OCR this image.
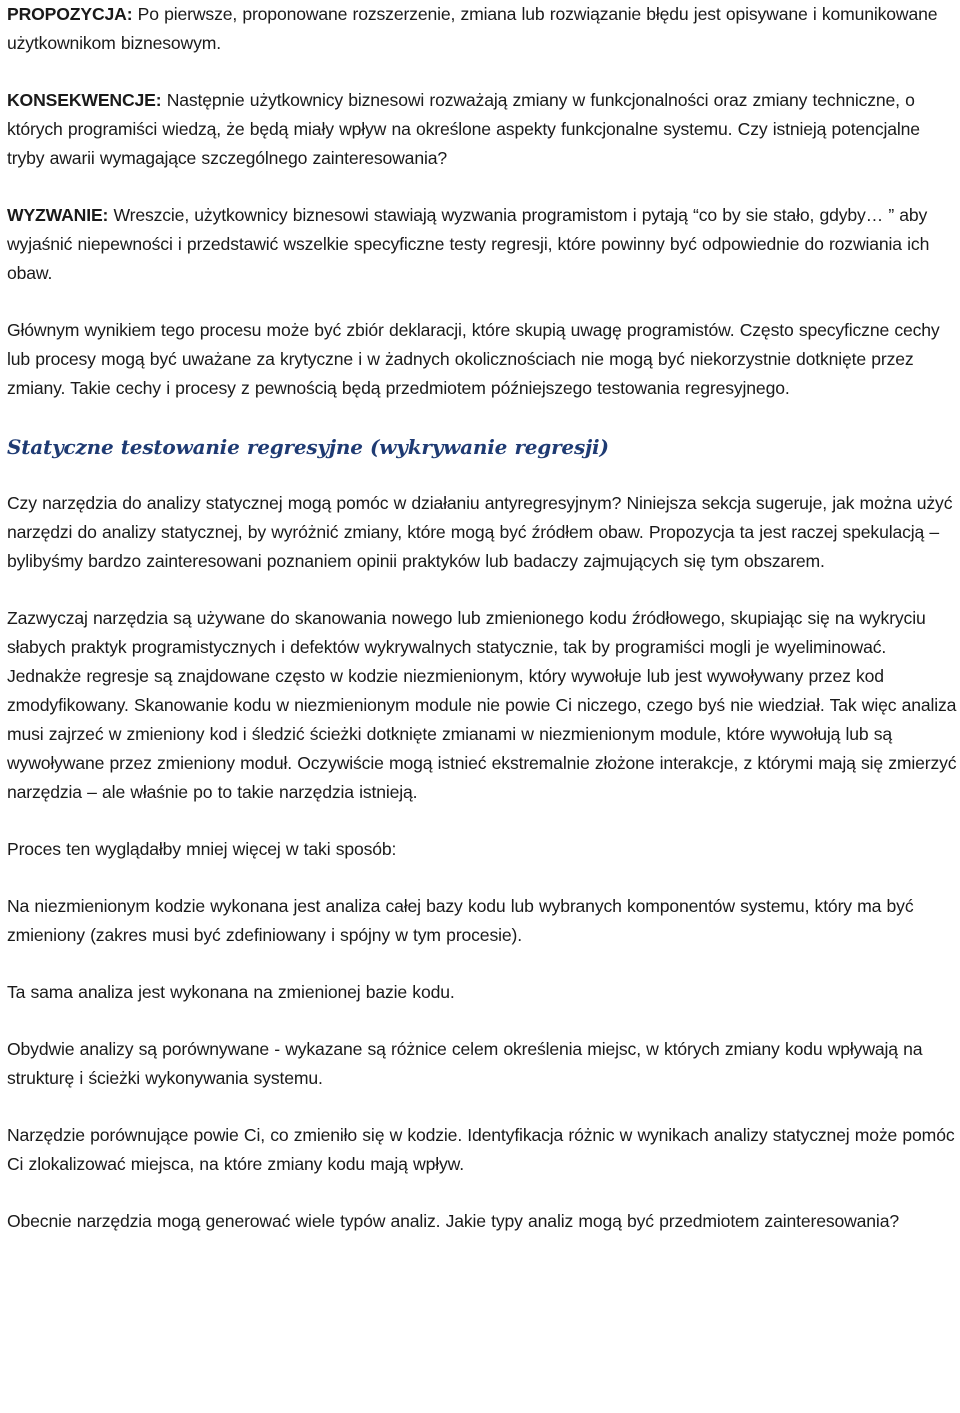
PROPOZYCJA: Po pierwsze, proponowane rozszerzenie, zmiana lub rozwiązanie błędu jest opisywane i komunikowane użytkownikom biznesowym.

KONSEKWENCJE: Następnie użytkownicy biznesowi rozważają zmiany w funkcjonalności oraz zmiany techniczne, o których programiści wiedzą, że będą miały wpływ na określone aspekty funkcjonalne systemu. Czy istnieją potencjalne tryby awarii wymagające szczególnego zainteresowania?

WYZWANIE: Wreszcie, użytkownicy biznesowi stawiają wyzwania programistom i pytają “co by sie stało, gdyby… ” aby wyjaśnić niepewności i przedstawić wszelkie specyficzne testy regresji, które powinny być odpowiednie do rozwiania ich obaw.

Głównym wynikiem tego procesu może być zbiór deklaracji, które skupią uwagę programistów. Często specyficzne cechy lub procesy mogą być uważane za krytyczne i w żadnych okolicznościach nie mogą być niekorzystnie dotknięte przez zmiany. Takie cechy i procesy z pewnością będą przedmiotem późniejszego testowania regresyjnego.

Statyczne testowanie regresyjne (wykrywanie regresji)

Czy narzędzia do analizy statycznej mogą pomóc w działaniu antyregresyjnym? Niniejsza sekcja sugeruje, jak można użyć narzędzi do analizy statycznej, by wyróżnić zmiany, które mogą być źródłem obaw. Propozycja ta jest raczej spekulacją – bylibyśmy bardzo zainteresowani poznaniem opinii praktyków lub badaczy zajmujących się tym obszarem.

Zazwyczaj narzędzia są używane do skanowania nowego lub zmienionego kodu źródłowego, skupiając się na wykryciu słabych praktyk programistycznych i defektów wykrywalnych statycznie, tak by programiści mogli je wyeliminować. Jednakże regresje są znajdowane często w kodzie niezmienionym, który wywołuje lub jest wywoływany przez kod zmodyfikowany. Skanowanie kodu w niezmienionym module nie powie Ci niczego, czego byś nie wiedział. Tak więc analiza musi zajrzeć w zmieniony kod i śledzić ścieżki dotknięte zmianami w niezmienionym module, które wywołują lub są wywoływane przez zmieniony moduł. Oczywiście mogą istnieć ekstremalnie złożone interakcje, z którymi mają się zmierzyć narzędzia – ale właśnie po to takie narzędzia istnieją.

Proces ten wyglądałby mniej więcej w taki sposób:

Na niezmienionym kodzie wykonana jest analiza całej bazy kodu lub wybranych komponentów systemu, który ma być zmieniony (zakres musi być zdefiniowany i spójny w tym procesie).

Ta sama analiza jest wykonana na zmienionej bazie kodu.

Obydwie analizy są porównywane - wykazane są różnice celem określenia miejsc, w których zmiany kodu wpływają na strukturę i ścieżki wykonywania systemu.

Narzędzie porównujące powie Ci, co zmieniło się w kodzie. Identyfikacja różnic w wynikach analizy statycznej może pomóc Ci zlokalizować miejsca, na które zmiany kodu mają wpływ.

Obecnie narzędzia mogą generować wiele typów analiz. Jakie typy analiz mogą być przedmiotem zainteresowania?
